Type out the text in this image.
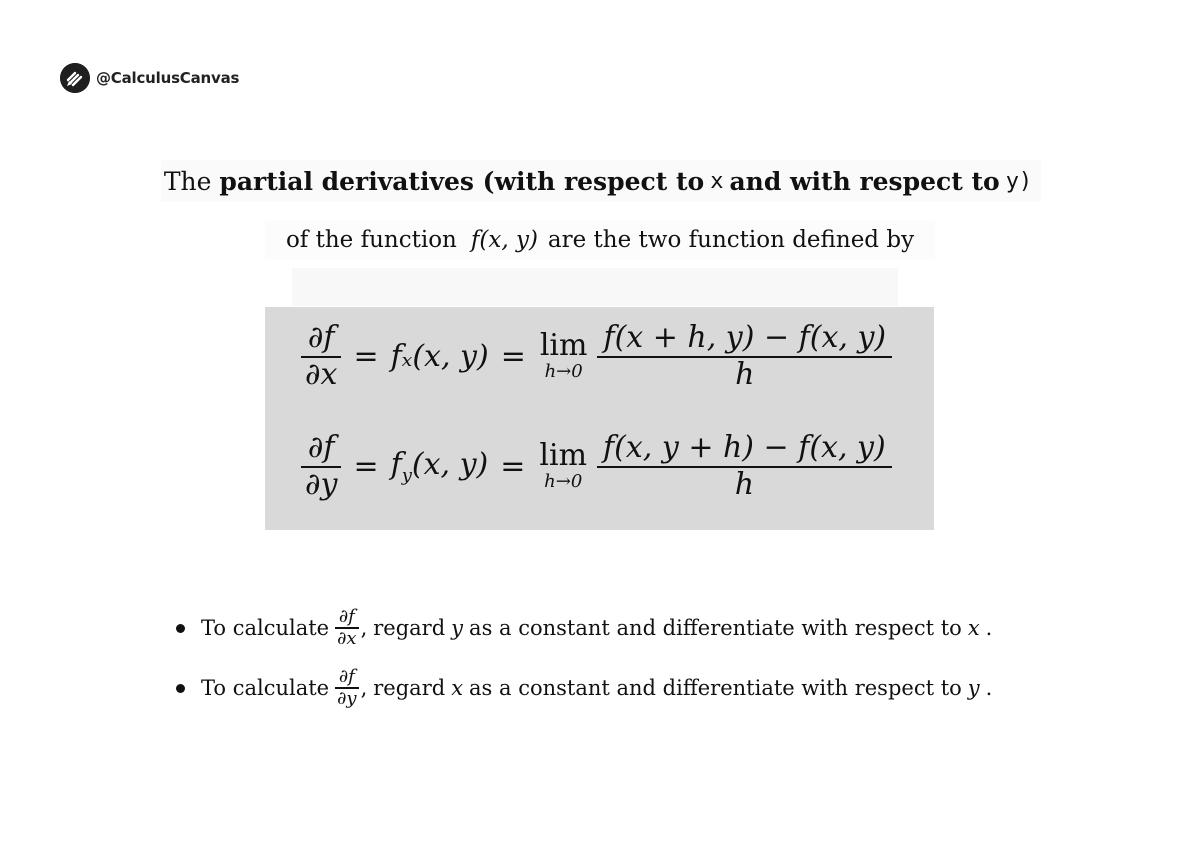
@CalculusCanvas
The
partial derivatives (with respect to x and with respect to y)
of the function f(x, y) are the two function defined by
$\frac{\partial f}{\partial x} = f_x(x$, y) = lim
$h\to 0 \frac{f(x + h, y) - f(x, y)}{h}$
$\frac{\partial f}{\partial y} = f_y(x$, y) = lim
$h\to 0 \frac{f(x, y + h) - f(x, y)}{h}$
To calculate $\frac{\partial f}{\partial x}$ , regard y as a constant and differentiate with respect to x .
To calculate $\frac{\partial f}{\partial y}$ , regard x as a constant and differentiate with respect to y .
